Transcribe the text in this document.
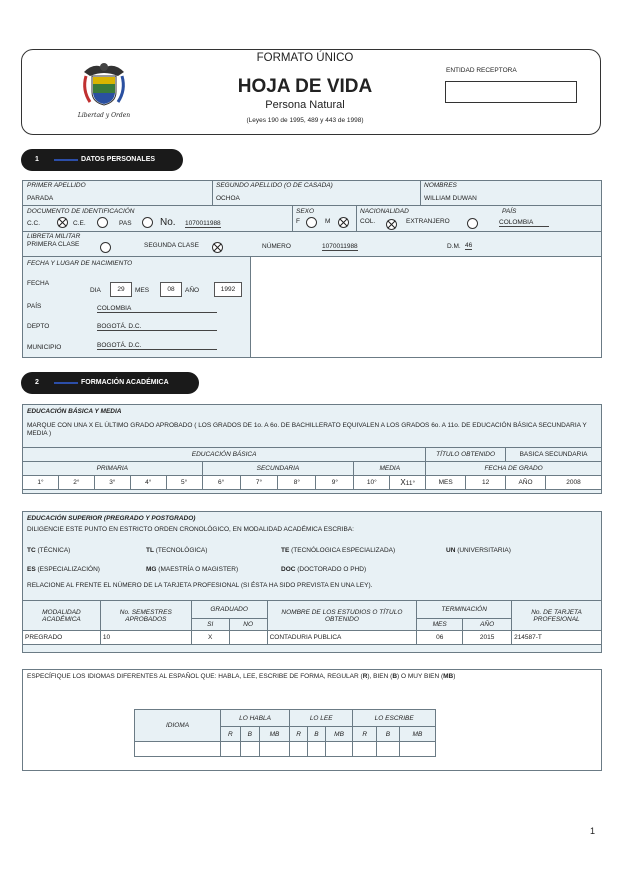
Libertad y Orden
FORMATO ÚNICO
HOJA DE VIDA
Persona Natural
(Leyes 190 de 1995, 489 y 443 de 1998)
ENTIDAD RECEPTORA
1	DATOS PERSONALES
PRIMER APELLIDO
PARADA
SEGUNDO APELLIDO (O DE CASADA)
OCHOA
NOMBRES
WILLIAM DUWAN
DOCUMENTO DE IDENTIFICACIÓN
C.C.	C.E.	PAS	No. 1070011988
SEXO
F	M
NACIONALIDAD
COL.	EXTRANJERO
PAÍS
COLOMBIA
LIBRETA MILITAR
PRIMERA CLASE	SEGUNDA CLASE	NÚMERO	1070011988	D.M. 46
FECHA Y LUGAR DE NACIMIENTO
FECHA
DIA	29	MES	08	AÑO	1992
PAÍS	COLOMBIA
DEPTO	BOGOTÁ. D.C.
MUNICIPIO	BOGOTÁ. D.C.
2	FORMACIÓN ACADÉMICA
EDUCACIÓN BÁSICA Y MEDIA
MARQUE CON UNA X EL ÚLTIMO GRADO APROBADO ( LOS GRADOS DE 1o. A 6o. DE BACHILLERATO EQUIVALEN A LOS GRADOS 6o. A 11o. DE EDUCACIÓN BÁSICA SECUNDARIA Y MEDIA )
EDUCACIÓN BÁSICA											TÍTULO OBTENIDO		BASICA SECUNDARIA	
PRIMARIA					SECUNDARIA				MEDIA		FECHA DE GRADO			
1°	2°	3°	4°	5°	6°	7°	8°	9°	10°	X11°	MES	12	AÑO	2008
EDUCACIÓN SUPERIOR (PREGRADO Y POSTGRADO)
DILIGENCIE ESTE PUNTO EN ESTRICTO ORDEN CRONOLÓGICO, EN MODALIDAD ACADÉMICA ESCRIBA:
TC (TÉCNICA)	TL (TECNOLÓGICA)	TE (TECNÓLOGICA ESPECIALIZADA)	UN (UNIVERSITARIA)
ES (ESPECIALIZACIÓN)	MG (MAESTRÍA O MAGISTER)	DOC (DOCTORADO O PHD)
RELACIONE AL FRENTE EL NÚMERO DE LA TARJETA PROFESIONAL (SI ÉSTA HA SIDO PREVISTA EN UNA LEY).
MODALIDAD ACADÉMICA	No. SEMESTRES APROBADOS	GRADUADO		NOMBRE DE LOS ESTUDIOS O TÍTULO OBTENIDO	TERMINACIÓN		No. DE TARJETA PROFESIONAL
		SI	NO		MES	AÑO	
PREGRADO	10	X		CONTADURIA PUBLICA	06	2015	214587-T
ESPECÍFIQUE LOS IDIOMAS DIFERENTES AL ESPAÑOL QUE: HABLA, LEE, ESCRIBE DE FORMA, REGULAR (R), BIEN (B) O MUY BIEN (MB)
IDIOMA	LO HABLA			LO LEE			LO ESCRIBE		
	R	B	MB	R	B	MB	R	B	MB

1
